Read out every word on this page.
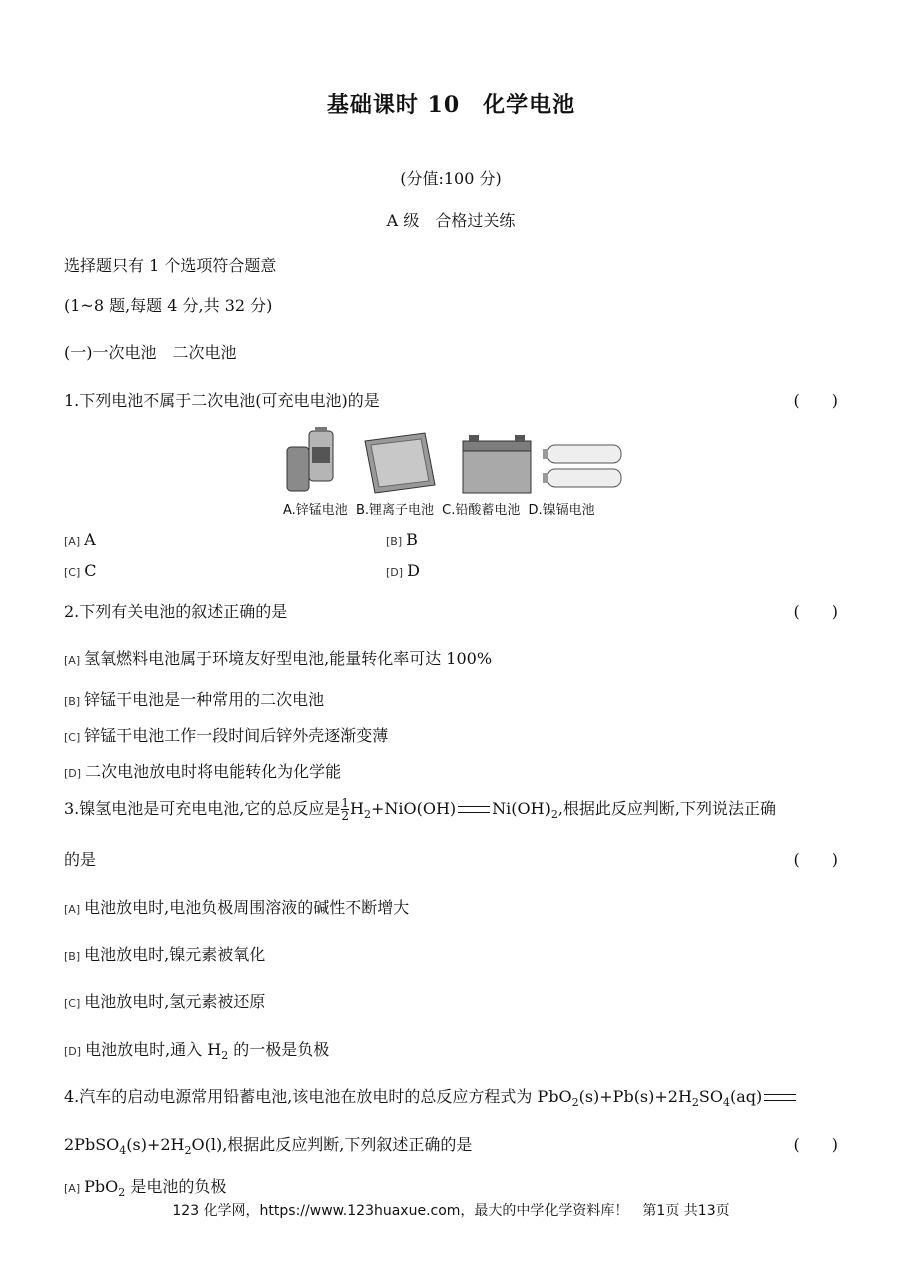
基础课时 10　化学电池
(分值:100 分)
A 级　合格过关练
选择题只有 1 个选项符合题意
(1~8 题,每题 4 分,共 32 分)
(一)一次电池　二次电池
1.下列电池不属于二次电池(可充电电池)的是	(　　)
A.锌锰电池 B.锂离子电池 C.铅酸蓄电池 D.镍镉电池
[A] A	[B] B
[C] C	[D] D
2.下列有关电池的叙述正确的是	(　　)
[A] 氢氧燃料电池属于环境友好型电池,能量转化率可达 100%
[B] 锌锰干电池是一种常用的二次电池
[C] 锌锰干电池工作一段时间后锌外壳逐渐变薄
[D] 二次电池放电时将电能转化为化学能
3.镍氢电池是可充电电池,它的总反应是 $\frac{1}{2} H_2+NiO(OH)$ $Ni(OH)_2$,根据此反应判断,下列说法正确
的是	(　　)
[A] 电池放电时,电池负极周围溶液的碱性不断增大
[B] 电池放电时,镍元素被氧化
[C] 电池放电时,氢元素被还原
[D] 电池放电时,通入 $H_2$ 的一极是负极
4.汽车的启动电源常用铅蓄电池,该电池在放电时的总反应方程式为 $PbO_2(s)+Pb(s)+2H_2SO_4(aq)$
$2PbSO_4(s)+2H_2O(l)$,根据此反应判断,下列叙述正确的是	(　　)
[A] PbO$_2$ 是电池的负极
123 化学网，https://www.123huaxue.com，最大的中学化学资料库！　第1页 共13页
